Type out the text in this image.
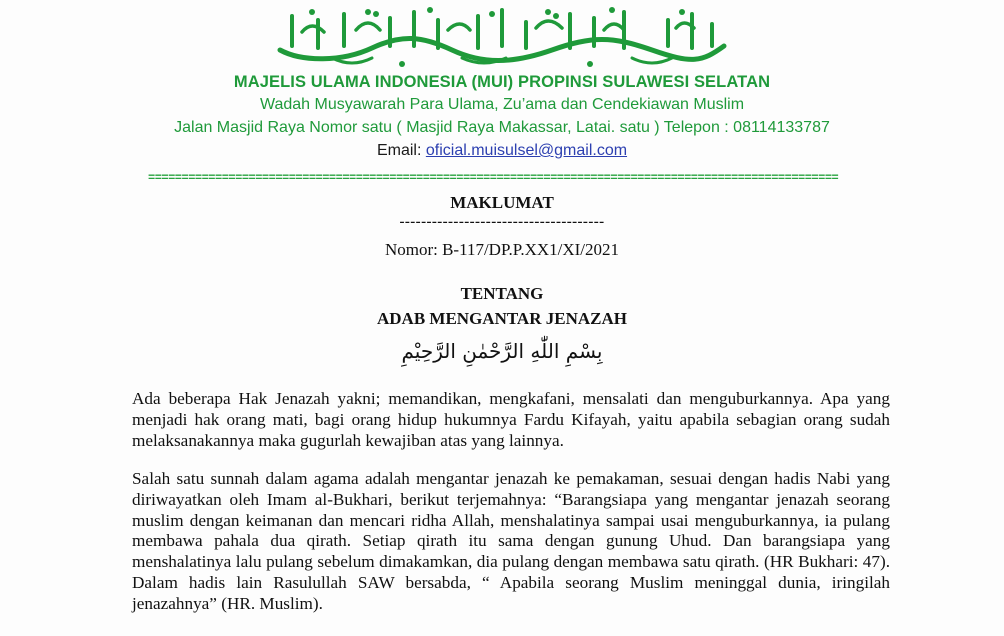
MAJELIS ULAMA INDONESIA (MUI) PROPINSI SULAWESI SELATAN
Wadah Musyawarah Para Ulama, Zu’ama dan Cendekiawan Muslim
Jalan Masjid Raya Nomor satu ( Masjid Raya Makassar, Latai. satu ) Telepon : 08114133787
Email: oficial.muisulsel@gmail.com
=======================================================================================================
MAKLUMAT
--------------------------------------
Nomor: B-117/DP.P.XX1/XI/2021
TENTANG
ADAB MENGANTAR JENAZAH
بِسْمِ اللّٰهِ الرَّحْمٰنِ الرَّحِيْمِ

Ada beberapa Hak Jenazah yakni; memandikan, mengkafani, mensalati dan menguburkannya. Apa yang menjadi hak orang mati, bagi orang hidup hukumnya Fardu Kifayah, yaitu apabila sebagian orang sudah melaksanakannya maka gugurlah kewajiban atas yang lainnya.

Salah satu sunnah dalam agama adalah mengantar jenazah ke pemakaman, sesuai dengan hadis Nabi yang diriwayatkan oleh Imam al-Bukhari, berikut terjemahnya: “Barangsiapa yang mengantar jenazah seorang muslim dengan keimanan dan mencari ridha Allah, menshalatinya sampai usai menguburkannya, ia pulang membawa pahala dua qirath. Setiap qirath itu sama dengan gunung Uhud. Dan barangsiapa yang menshalatinya lalu pulang sebelum dimakamkan, dia pulang dengan membawa satu qirath. (HR Bukhari: 47). Dalam hadis lain Rasulullah SAW bersabda, “ Apabila seorang Muslim meninggal dunia, iringilah jenazahnya” (HR. Muslim).
